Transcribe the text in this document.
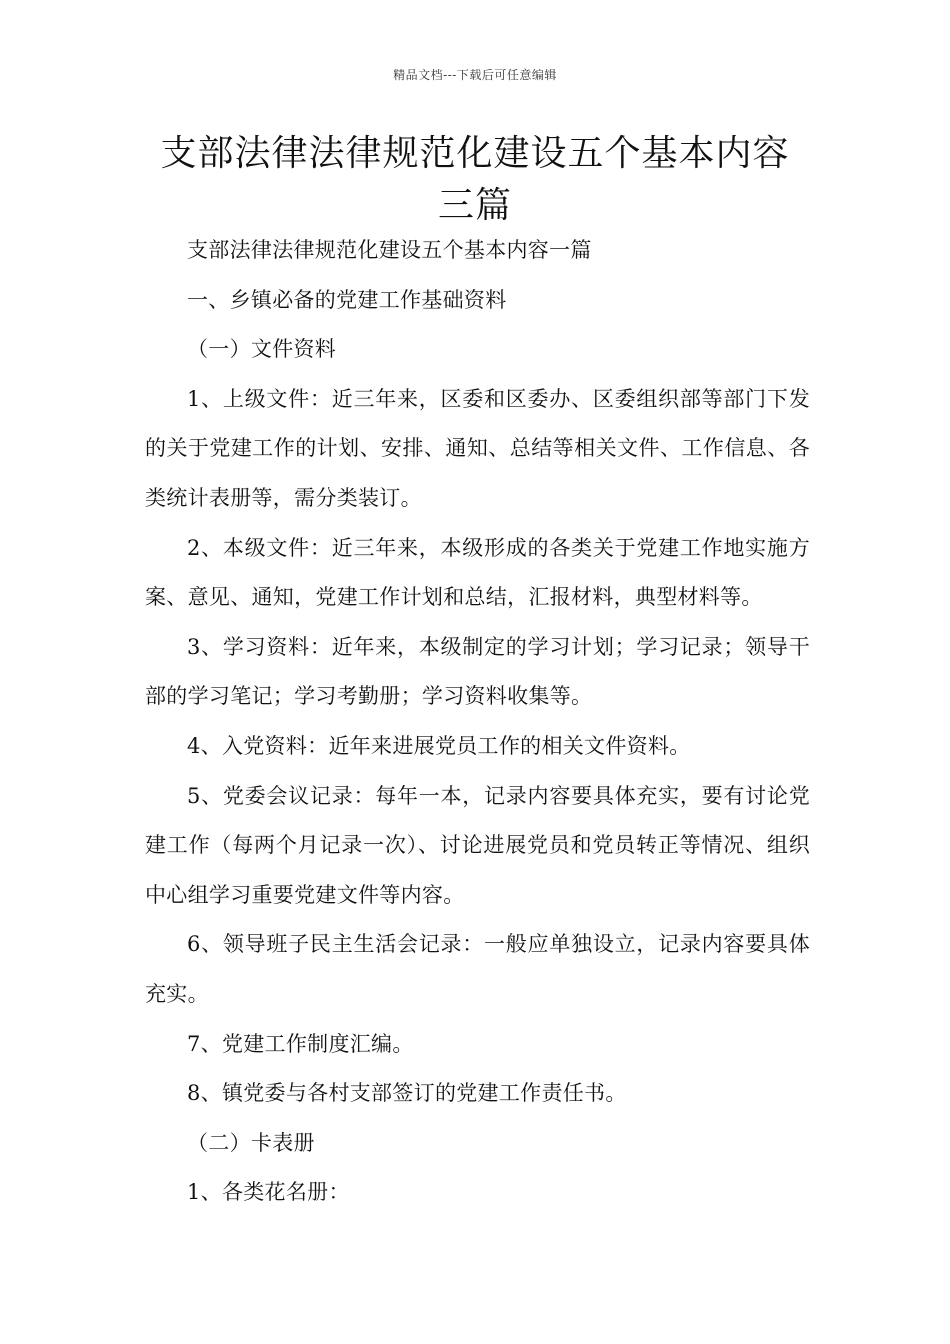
精品文档---下载后可任意编辑
支部法律法律规范化建设五个基本内容
三篇

支部法律法律规范化建设五个基本内容一篇

一、乡镇必备的党建工作基础资料

（一）文件资料

1、上级文件：近三年来，区委和区委办、区委组织部等部门下发的关于党建工作的计划、安排、通知、总结等相关文件、工作信息、各类统计表册等，需分类装订。

2、本级文件：近三年来，本级形成的各类关于党建工作地实施方案、意见、通知，党建工作计划和总结，汇报材料，典型材料等。

3、学习资料：近年来，本级制定的学习计划；学习记录；领导干部的学习笔记；学习考勤册；学习资料收集等。

4、入党资料：近年来进展党员工作的相关文件资料。

5、党委会议记录：每年一本，记录内容要具体充实，要有讨论党建工作（每两个月记录一次）、讨论进展党员和党员转正等情况、组织中心组学习重要党建文件等内容。

6、领导班子民主生活会记录：一般应单独设立，记录内容要具体充实。

7、党建工作制度汇编。

8、镇党委与各村支部签订的党建工作责任书。

（二）卡表册

1、各类花名册：
